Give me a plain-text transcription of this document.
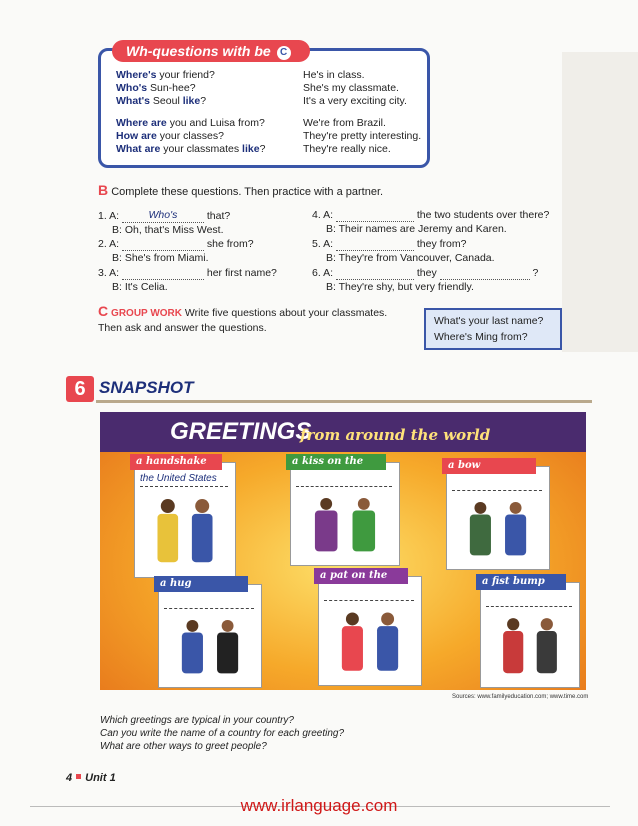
Wh-questions with be C
Where's your friend?	He's in class.
Who's Sun-hee?	She's my classmate.
What's Seoul like?	It's a very exciting city.
Where are you and Luisa from?	We're from Brazil.
How are your classes?	They're pretty interesting.
What are your classmates like?	They're really nice.
B Complete these questions. Then practice with a partner.
1. A:	Who's	that?
B: Oh, that's Miss West.
2. A:	she from?
B: She's from Miami.
3. A:	her first name?
B: It's Celia.
4. A:	the two students over there?
B: Their names are Jeremy and Karen.
5. A:	they from?
B: They're from Vancouver, Canada.
6. A:	they	?
B: They're shy, but very friendly.
C GROUP WORK Write five questions about your classmates.
Then ask and answer the questions.
What's your last name?
Where's Ming from?
6 SNAPSHOT
GREETINGS
from around the world
a handshake
the United States
a kiss on the cheek
a bow
a hug
a pat on the back
a fist bump
Sources: www.familyeducation.com; www.time.com
Which greetings are typical in your country?
Can you write the name of a country for each greeting?
What are other ways to greet people?
4 Unit 1
www.irlanguage.com
